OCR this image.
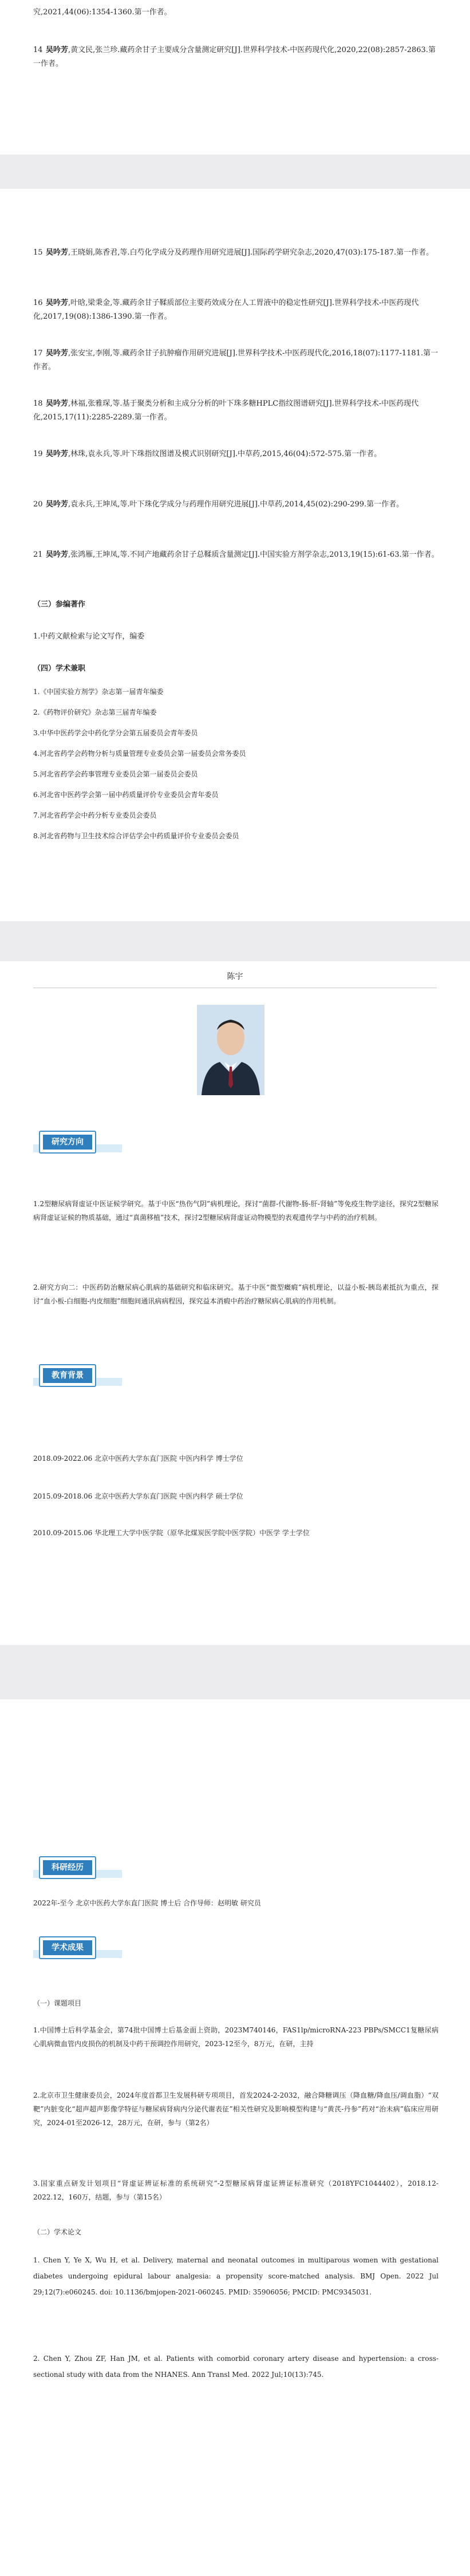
究,2021,44(06):1354-1360.第一作者。
14 吴吟芳,黄文民,张兰珍.藏药余甘子主要成分含量测定研究[J].世界科学技术-中医药现代化,2020,22(08):2857-2863.第一作者。
15 吴吟芳,王晓娟,陈香君,等.白芍化学成分及药理作用研究进展[J].国际药学研究杂志,2020,47(03):175-187.第一作者。
16 吴吟芳,叶晗,梁秉金,等.藏药余甘子鞣质部位主要药效成分在人工胃液中的稳定性研究[J].世界科学技术-中医药现代化,2017,19(08):1386-1390.第一作者。
17 吴吟芳,张安宝,李刚,等.藏药余甘子抗肿瘤作用研究进展[J].世界科学技术-中医药现代化,2016,18(07):1177-1181.第一作者。
18 吴吟芳,林福,张雅琛,等.基于聚类分析和主成分分析的叶下珠多糖HPLC指纹图谱研究[J].世界科学技术-中医药现代化,2015,17(11):2285-2289.第一作者。
19 吴吟芳,林珠,袁永兵,等.叶下珠指纹图谱及模式识别研究[J].中草药,2015,46(04):572-575.第一作者。
20 吴吟芳,袁永兵,王坤凤,等.叶下珠化学成分与药理作用研究进展[J].中草药,2014,45(02):290-299.第一作者。
21 吴吟芳,张鸿雁,王坤凤,等.不同产地藏药余甘子总鞣质含量测定[J].中国实验方剂学杂志,2013,19(15):61-63.第一作者。
（三）参编著作
1.中药文献检索与论文写作，编委
（四）学术兼职
1.《中国实验方剂学》杂志第一届青年编委
2.《药物评价研究》杂志第三届青年编委
3.中华中医药学会中药化学分会第五届委员会青年委员
4.河北省药学会药物分析与质量管理专业委员会第一届委员会常务委员
5.河北省药学会药事管理专业委员会第一届委员会委员
6.河北省中医药学会第一届中药质量评价专业委员会青年委员
7.河北省药学会中药分析专业委员会委员
8.河北省药物与卫生技术综合评估学会中药质量评价专业委员会委员
陈宇
研究方向
1.2型糖尿病肾虚证中医证候学研究。基于中医“热伤气阴”病机理论，探讨“菌群-代谢物-肠-肝-肾轴”等免疫生物学途径，探究2型糖尿病肾虚证证候的物质基础，通过“真菌移植”技术，探讨2型糖尿病肾虚证动物模型的表观遗传学与中药的治疗机制。
2.研究方向二：中医药防治糖尿病心肌病的基础研究和临床研究。基于中医“微型癥瘕”病机理论，以益小板-胰岛素抵抗为重点，探讨“血小板-白细胞-内皮细胞”细胞间通讯病病程因，探究益本消瘕中药治疗糖尿病心肌病的作用机制。
教育背景
2018.09-2022.06 北京中医药大学东直门医院 中医内科学 博士学位
2015.09-2018.06 北京中医药大学东直门医院 中医内科学 硕士学位
2010.09-2015.06 华北理工大学中医学院（原华北煤炭医学院中医学院）中医学 学士学位
科研经历
2022年-至今 北京中医药大学东直门医院 博士后 合作导师：赵明敏 研究员
学术成果
（一）课题项目
1.中国博士后科学基金会，第74批中国博士后基金面上资助，2023M740146，FAS1lp/microRNA-223 PBPs/SMCC1复糖尿病心肌病微血管内皮损伤的机制及中药干预调控作用研究，2023-12至今，8万元，在研，主持
2.北京市卫生健康委员会，2024年度首都卫生发展科研专项项目，首发2024-2-2032，融合降糖调压（降血糖/降血压/调血脂）“双靶”内脏变化“超声超声影像学特征与糖尿病肾病内分泌代谢表征”相关性研究及影响模型构建与“黄芪-丹参”药对“治未病”临床应用研究，2024-01至2026-12，28万元，在研，参与（第2名）
3.国家重点研发计划项目“肾虚证辨证标准的系统研究”-2型糖尿病肾虚证辨证标准研究（2018YFC1044402），2018.12-2022.12，160万，结题，参与（第15名）
（二）学术论文
1. Chen Y, Ye X, Wu H, et al. Delivery, maternal and neonatal outcomes in multiparous women with gestational diabetes undergoing epidural labour analgesia: a propensity score-matched analysis. BMJ Open. 2022 Jul 29;12(7):e060245. doi: 10.1136/bmjopen-2021-060245. PMID: 35906056; PMCID: PMC9345031.
2. Chen Y, Zhou ZF, Han JM, et al. Patients with comorbid coronary artery disease and hypertension: a cross-sectional study with data from the NHANES. Ann Transl Med. 2022 Jul;10(13):745.
